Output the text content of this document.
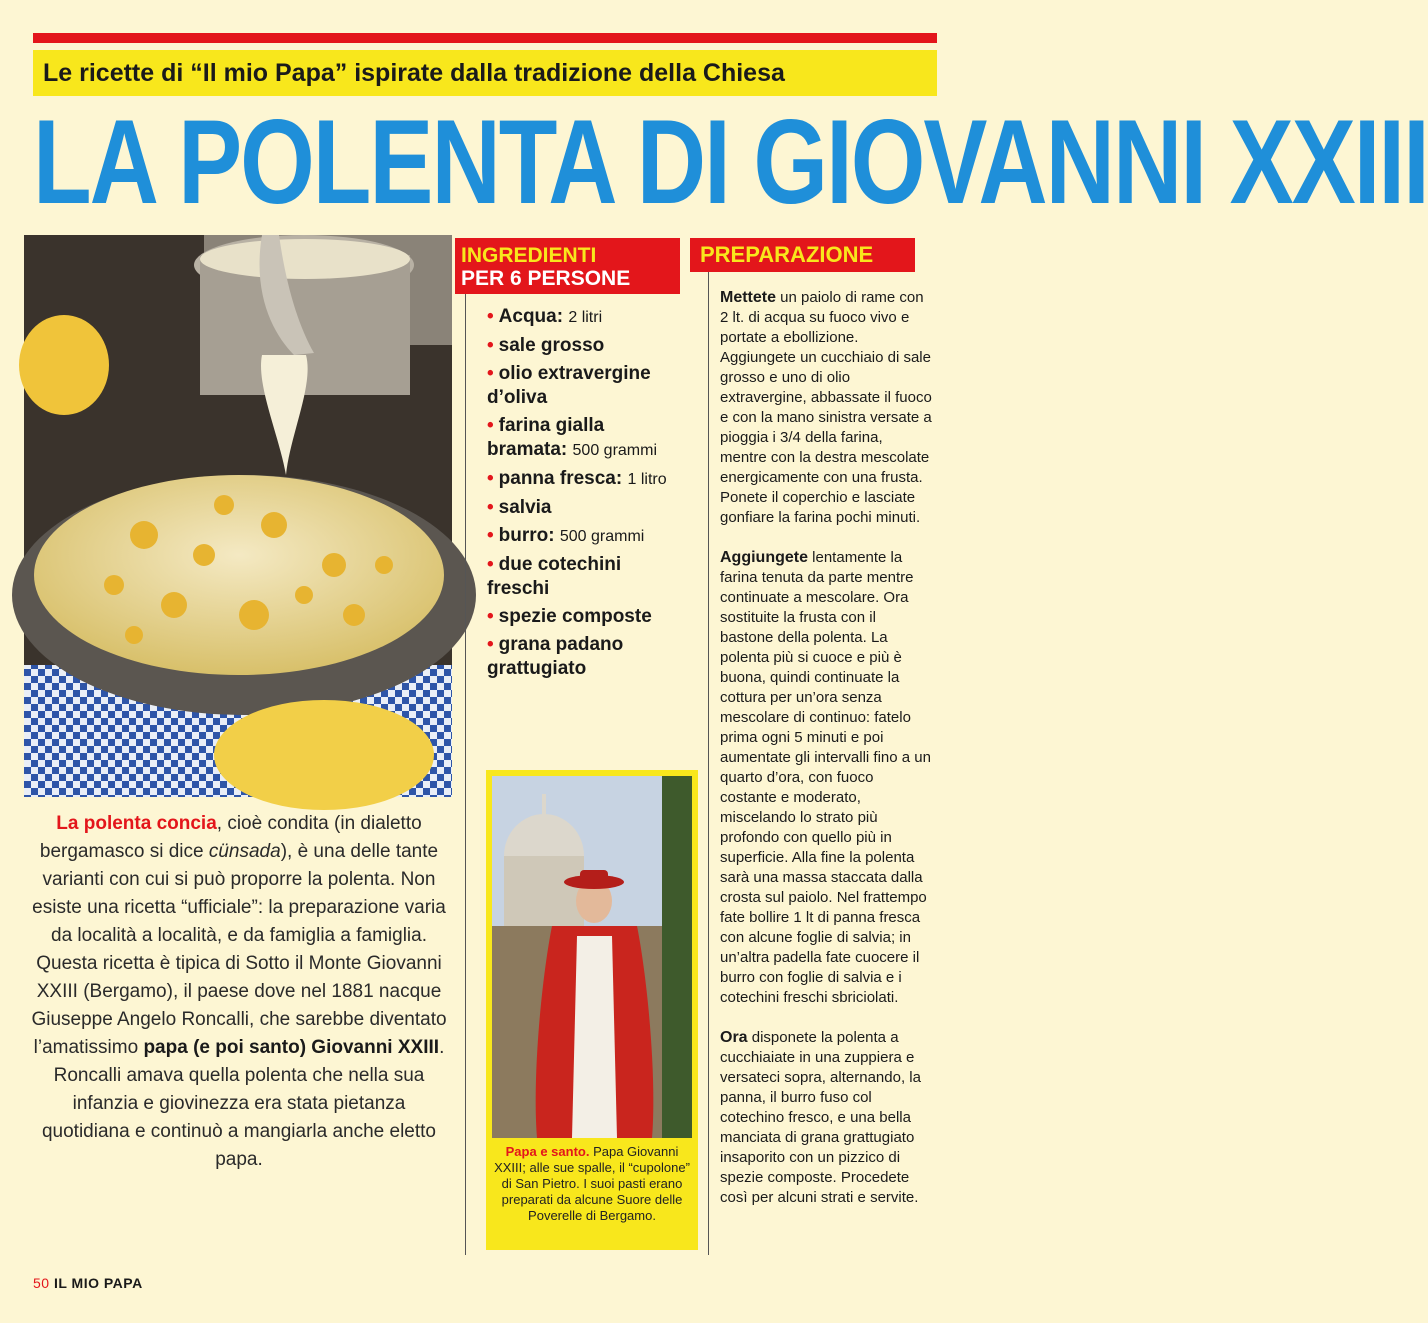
Le ricette di “Il mio Papa” ispirate dalla tradizione della Chiesa
LA POLENTA DI GIOVANNI XXIII
La polenta concia, cioè condita (in dialetto bergamasco si dice cünsada), è una delle tante varianti con cui si può proporre la polenta. Non esiste una ricetta “ufficiale”: la preparazione varia da località a località, e da famiglia a famiglia. Questa ricetta è tipica di Sotto il Monte Giovanni XXIII (Bergamo), il paese dove nel 1881 nacque Giuseppe Angelo Roncalli, che sarebbe diventato l’amatissimo papa (e poi santo) Giovanni XXIII. Roncalli amava quella polenta che nella sua infanzia e giovinezza era stata pietanza quotidiana e continuò a mangiarla anche eletto papa.
INGREDIENTI
PER 6 PERSONE
• Acqua: 2 litri
• sale grosso
• olio extravergine d’oliva
• farina gialla bramata: 500 grammi
• panna fresca: 1 litro
• salvia
• burro: 500 grammi
• due cotechini freschi
• spezie composte
• grana padano grattugiato
Papa e santo. Papa Giovanni XXIII; alle sue spalle, il “cupolone” di San Pietro. I suoi pasti erano preparati da alcune Suore delle Poverelle di Bergamo.
PREPARAZIONE

Mettete un paiolo di rame con 2 lt. di acqua su fuoco vivo e portate a ebollizione. Aggiungete un cucchiaio di sale grosso e uno di olio extravergine, abbassate il fuoco e con la mano sinistra versate a pioggia i 3/4 della farina, mentre con la destra mescolate energicamente con una frusta. Ponete il coperchio e lasciate gonfiare la farina pochi minuti.

Aggiungete lentamente la farina tenuta da parte mentre continuate a mescolare. Ora sostituite la frusta con il bastone della polenta. La polenta più si cuoce e più è buona, quindi continuate la cottura per un’ora senza mescolare di continuo: fatelo prima ogni 5 minuti e poi aumentate gli intervalli fino a un quarto d’ora, con fuoco costante e moderato, miscelando lo strato più profondo con quello più in superficie. Alla fine la polenta sarà una massa staccata dalla crosta sul paiolo. Nel frattempo fate bollire 1 lt di panna fresca con alcune foglie di salvia; in un’altra padella fate cuocere il burro con foglie di salvia e i cotechini freschi sbriciolati.

Ora disponete la polenta a cucchiaiate in una zuppiera e versateci sopra, alternando, la panna, il burro fuso col cotechino fresco, e una bella manciata di grana grattugiato insaporito con un pizzico di spezie composte. Procedete così per alcuni strati e servite.

50 IL MIO PAPA
